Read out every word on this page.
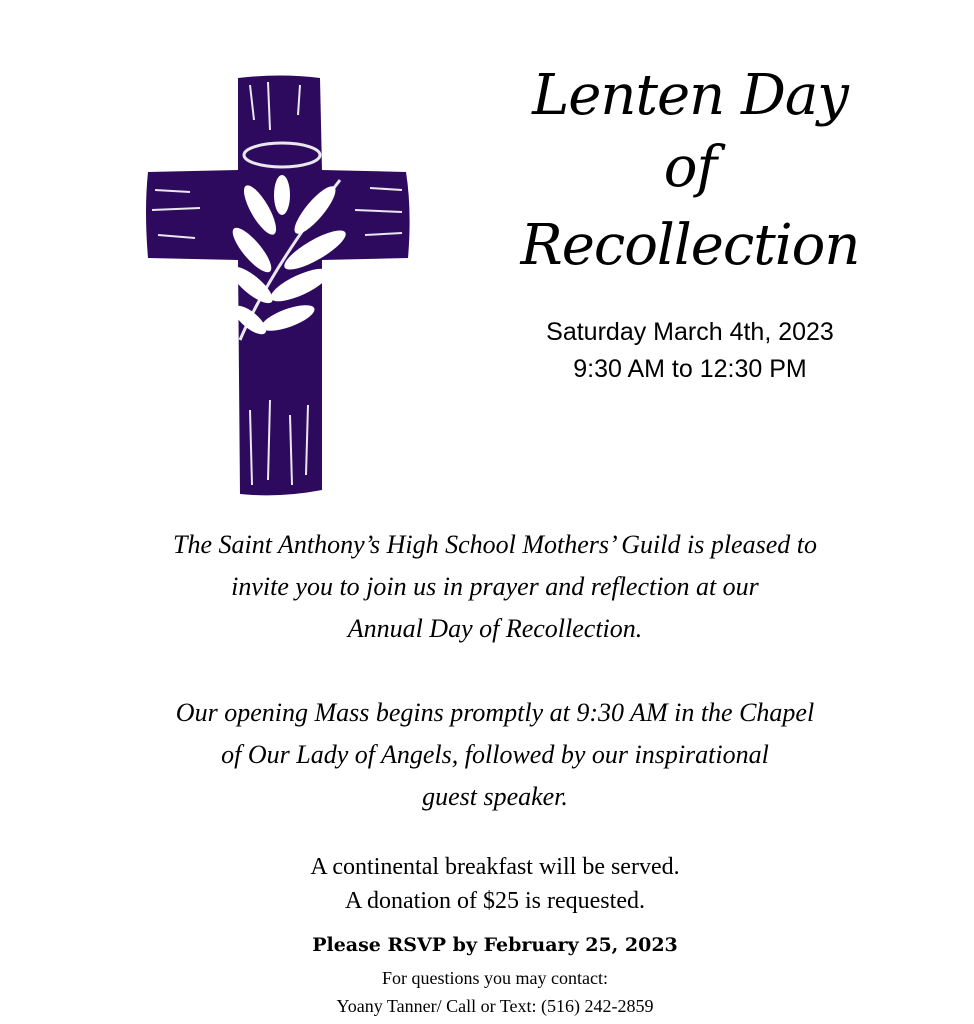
Lenten Day
of
Recollection
Saturday March 4th, 2023
9:30 AM to 12:30 PM
The Saint Anthony’s High School Mothers’ Guild is pleased to
invite you to join us in prayer and reflection at our
Annual Day of Recollection.
Our opening Mass begins promptly at 9:30 AM in the Chapel
of Our Lady of Angels, followed by our inspirational
guest speaker.
A continental breakfast will be served.
A donation of $25 is requested.
Please RSVP by February 25, 2023
For questions you may contact:
Yoany Tanner/ Call or Text: (516) 242-2859
